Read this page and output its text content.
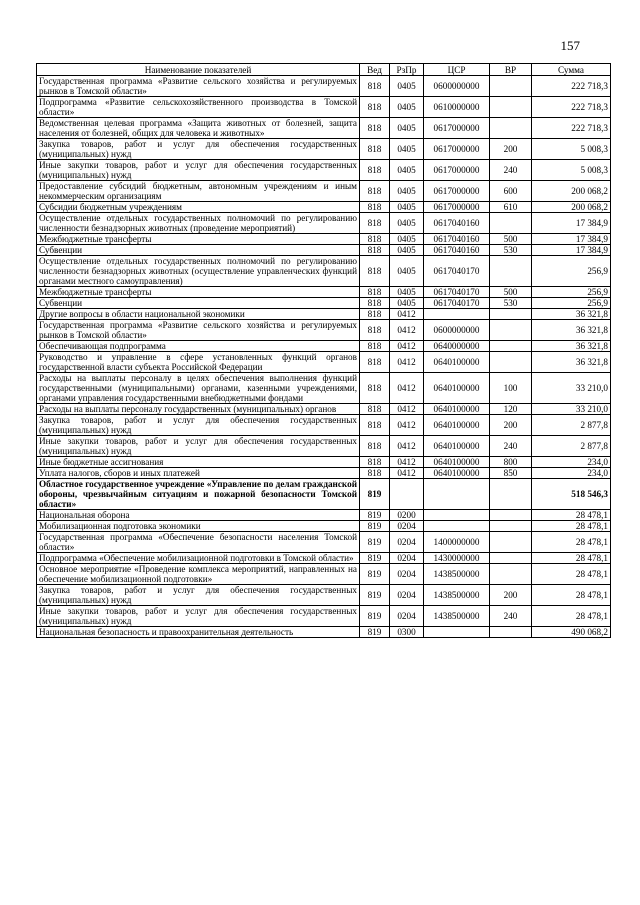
157
Наименование показателей	Вед	РзПр	ЦСР	ВР	Сумма
Государственная программа «Развитие сельского хозяйства и регулируемых рынков в Томской области»	818	0405	0600000000		222 718,3
Подпрограмма «Развитие сельскохозяйственного производства в Томской области»	818	0405	0610000000		222 718,3
Ведомственная целевая программа «Защита животных от болезней, защита населения от болезней, общих для человека и животных»	818	0405	0617000000		222 718,3
Закупка товаров, работ и услуг для обеспечения государственных (муниципальных) нужд	818	0405	0617000000	200	5 008,3
Иные закупки товаров, работ и услуг для обеспечения государственных (муниципальных) нужд	818	0405	0617000000	240	5 008,3
Предоставление субсидий бюджетным, автономным учреждениям и иным некоммерческим организациям	818	0405	0617000000	600	200 068,2
Субсидии бюджетным учреждениям	818	0405	0617000000	610	200 068,2
Осуществление отдельных государственных полномочий по регулированию численности безнадзорных животных (проведение мероприятий)	818	0405	0617040160		17 384,9
Межбюджетные трансферты	818	0405	0617040160	500	17 384,9
Субвенции	818	0405	0617040160	530	17 384,9
Осуществление отдельных государственных полномочий по регулированию численности безнадзорных животных (осуществление управленческих функций органами местного самоуправления)	818	0405	0617040170		256,9
Межбюджетные трансферты	818	0405	0617040170	500	256,9
Субвенции	818	0405	0617040170	530	256,9
Другие вопросы в области национальной экономики	818	0412			36 321,8
Государственная программа «Развитие сельского хозяйства и регулируемых рынков в Томской области»	818	0412	0600000000		36 321,8
Обеспечивающая подпрограмма	818	0412	0640000000		36 321,8
Руководство и управление в сфере установленных функций органов государственной власти субъекта Российской Федерации	818	0412	0640100000		36 321,8
Расходы на выплаты персоналу в целях обеспечения выполнения функций государственными (муниципальными) органами, казенными учреждениями, органами управления государственными внебюджетными фондами	818	0412	0640100000	100	33 210,0
Расходы на выплаты персоналу государственных (муниципальных) органов	818	0412	0640100000	120	33 210,0
Закупка товаров, работ и услуг для обеспечения государственных (муниципальных) нужд	818	0412	0640100000	200	2 877,8
Иные закупки товаров, работ и услуг для обеспечения государственных (муниципальных) нужд	818	0412	0640100000	240	2 877,8
Иные бюджетные ассигнования	818	0412	0640100000	800	234,0
Уплата налогов, сборов и иных платежей	818	0412	0640100000	850	234,0
Областное государственное учреждение «Управление по делам гражданской обороны, чрезвычайным ситуациям и пожарной безопасности Томской области»	819				518 546,3
Национальная оборона	819	0200			28 478,1
Мобилизационная подготовка экономики	819	0204			28 478,1
Государственная программа «Обеспечение безопасности населения Томской области»	819	0204	1400000000		28 478,1
Подпрограмма «Обеспечение мобилизационной подготовки в Томской области»	819	0204	1430000000		28 478,1
Основное мероприятие «Проведение комплекса мероприятий, направленных на обеспечение мобилизационной подготовки»	819	0204	1438500000		28 478,1
Закупка товаров, работ и услуг для обеспечения государственных (муниципальных) нужд	819	0204	1438500000	200	28 478,1
Иные закупки товаров, работ и услуг для обеспечения государственных (муниципальных) нужд	819	0204	1438500000	240	28 478,1
Национальная безопасность и правоохранительная деятельность	819	0300			490 068,2
